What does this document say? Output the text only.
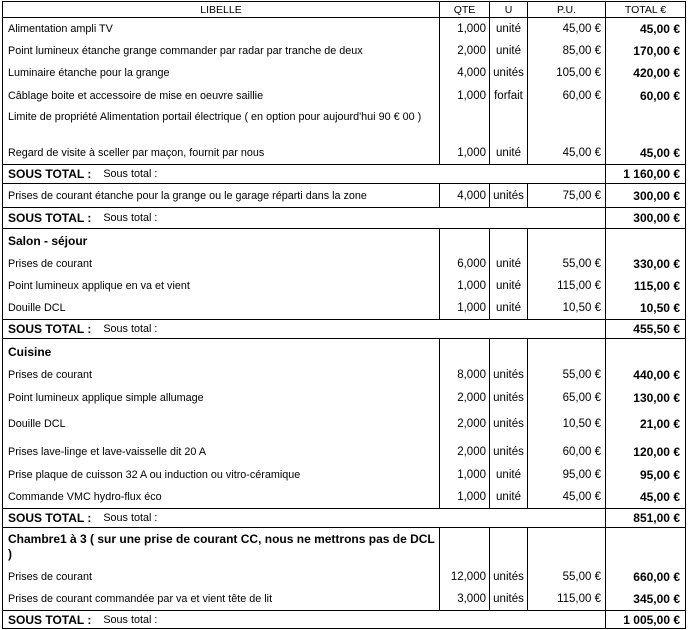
LIBELLE	QTE	U	P.U.	TOTAL €
Alimentation ampli TV	1,000 unité	45,00 €	45,00 €
Point lumineux étanche grange commander par radar par tranche de deux	2,000 unité	85,00 €	170,00 €
Luminaire étanche pour la grange	4,000 unités	105,00 €	420,00 €
Câblage boite et accessoire de mise en oeuvre saillie	1,000 forfait	60,00 €	60,00 €
Limite de propriété Alimentation portail électrique ( en option pour aujourd'hui 90 € 00 )
Regard de visite à sceller par maçon, fournit par nous	1,000 unité	45,00 €	45,00 €
SOUS TOTAL : Sous total :	1 160,00 €
Prises de courant étanche pour la grange ou le garage réparti dans la zone	4,000 unités	75,00 €	300,00 €
SOUS TOTAL : Sous total :	300,00 €
Salon - séjour
Prises de courant	6,000 unité	55,00 €	330,00 €
Point lumineux applique en va et vient	1,000 unité	115,00 €	115,00 €
Douille DCL	1,000 unité	10,50 €	10,50 €
SOUS TOTAL : Sous total :	455,50 €
Cuisine
Prises de courant	8,000 unités	55,00 €	440,00 €
Point lumineux applique simple allumage	2,000 unités	65,00 €	130,00 €
Douille DCL	2,000 unités	10,50 €	21,00 €
Prises lave-linge et lave-vaisselle dit 20 A	2,000 unités	60,00 €	120,00 €
Prise plaque de cuisson 32 A ou induction ou vitro-céramique	1,000 unité	95,00 €	95,00 €
Commande VMC hydro-flux éco	1,000 unité	45,00 €	45,00 €
SOUS TOTAL : Sous total :	851,00 €
Chambre1 à 3 ( sur une prise de courant CC, nous ne mettrons pas de DCL
)
Prises de courant	12,000 unités	55,00 €	660,00 €
Prises de courant commandée par va et vient tête de lit	3,000 unités	115,00 €	345,00 €
SOUS TOTAL : Sous total :	1 005,00 €
